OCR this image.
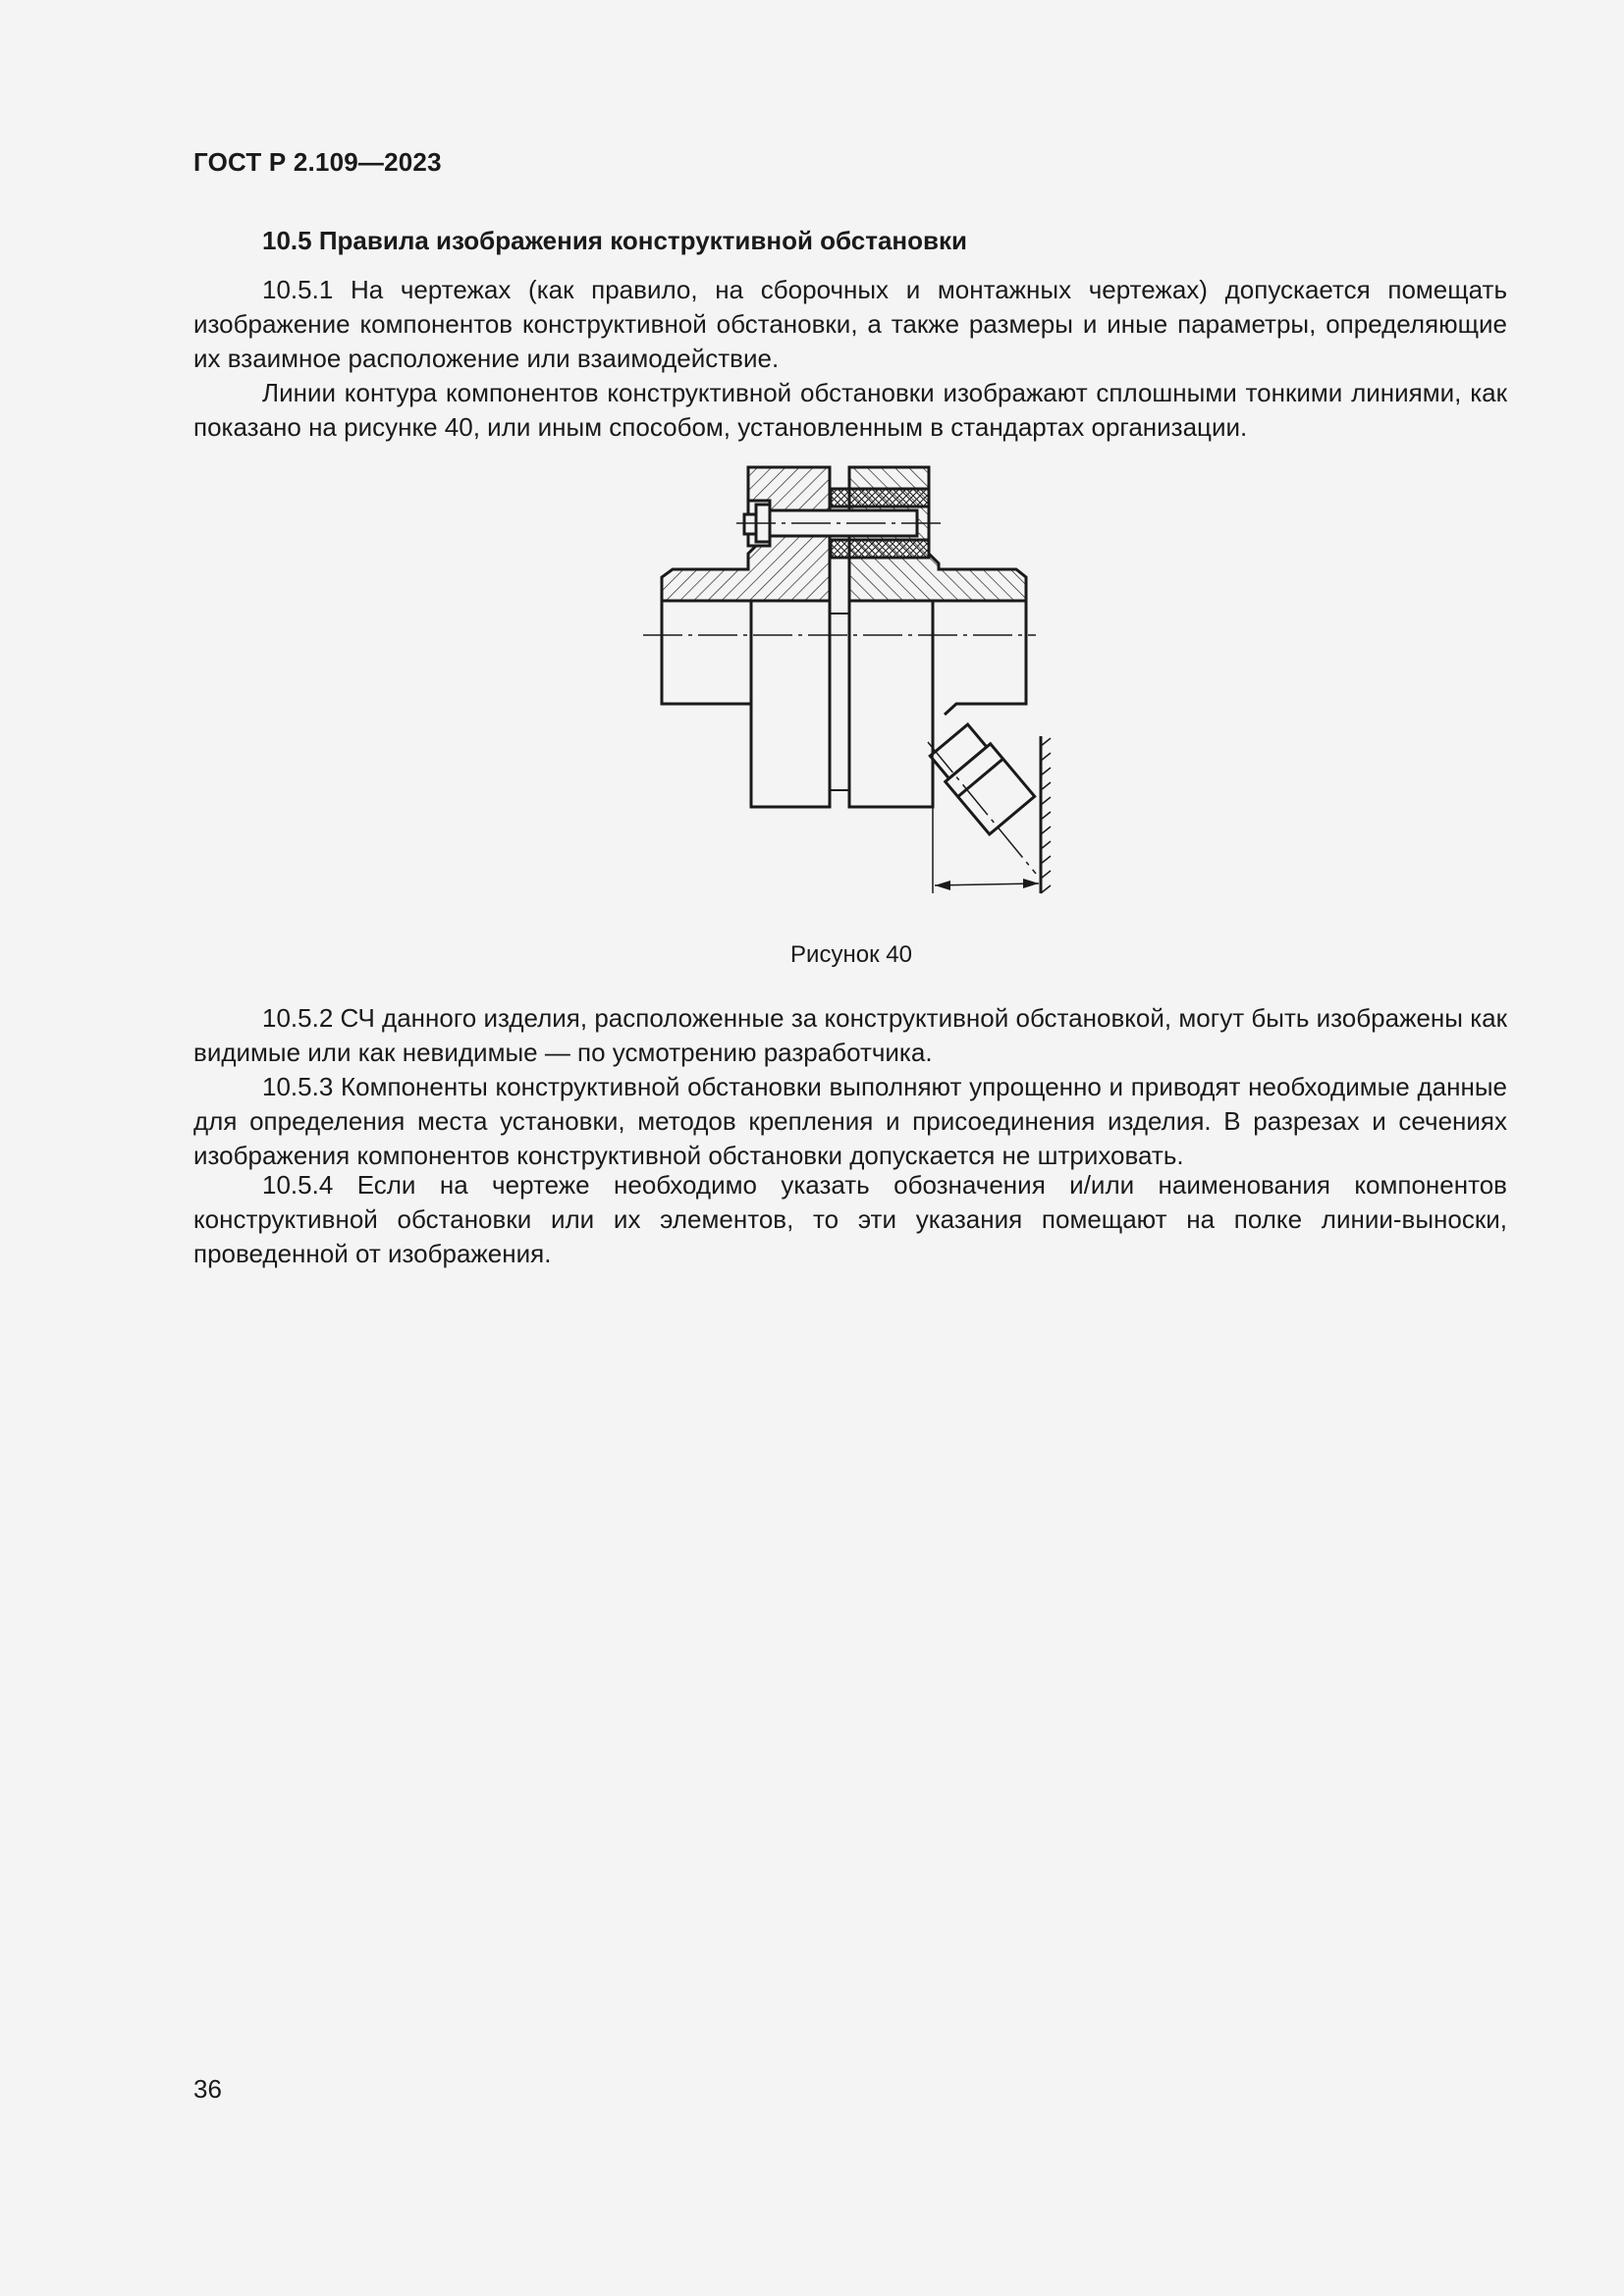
ГОСТ Р 2.109—2023
10.5 Правила изображения конструктивной обстановки

10.5.1 На чертежах (как правило, на сборочных и монтажных чертежах) допускается помещать изображение компонентов конструктивной обстановки, а также размеры и иные параметры, определяющие их взаимное расположение или взаимодействие.

Линии контура компонентов конструктивной обстановки изображают сплошными тонкими линиями, как показано на рисунке 40, или иным способом, установленным в стандартах организации.

Рисунок 40

10.5.2 СЧ данного изделия, расположенные за конструктивной обстановкой, могут быть изображены как видимые или как невидимые — по усмотрению разработчика.

10.5.3 Компоненты конструктивной обстановки выполняют упрощенно и приводят необходимые данные для определения места установки, методов крепления и присоединения изделия. В разрезах и сечениях изображения компонентов конструктивной обстановки допускается не штриховать.

10.5.4 Если на чертеже необходимо указать обозначения и/или наименования компонентов конструктивной обстановки или их элементов, то эти указания помещают на полке линии-выноски, проведенной от изображения.

36
